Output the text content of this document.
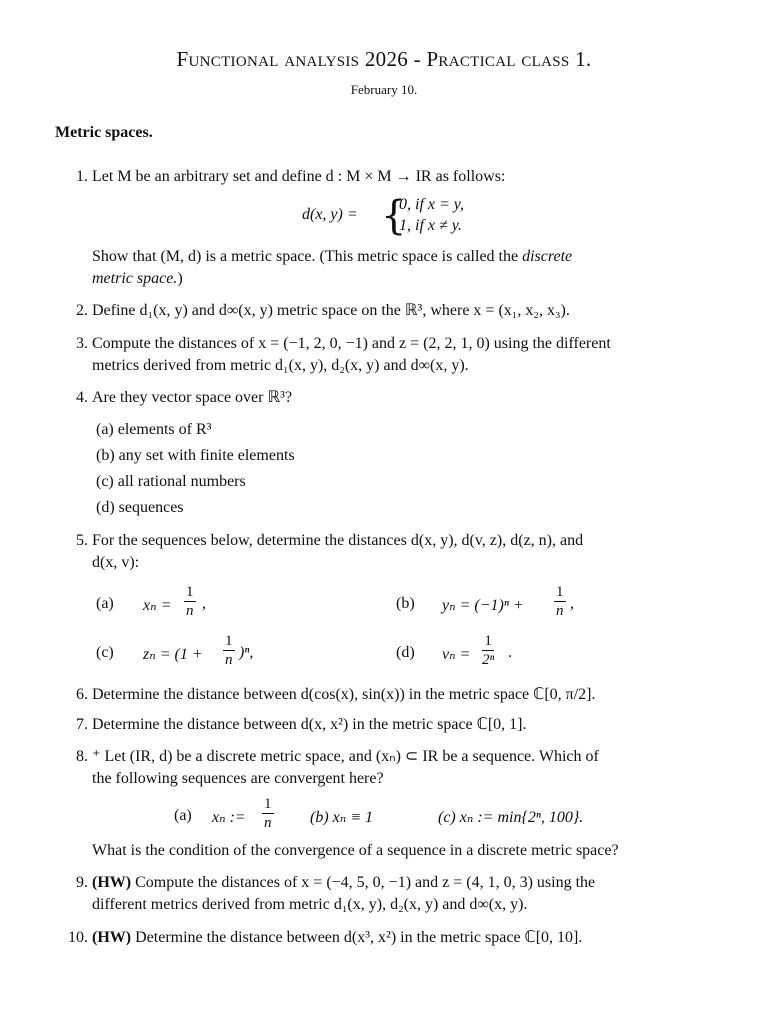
Functional analysis 2026 - Practical class 1.
February 10.
Metric spaces.
1. Let M be an arbitrary set and define d : M × M → IR as follows:
d(x, y) = {
0, if x = y,
1, if x ≠ y.
Show that (M, d) is a metric space. (This metric space is called the discrete
metric space.)
2. Define d₁(x, y) and d∞(x, y) metric space on the ℝ³, where x = (x₁, x₂, x₃).
3. Compute the distances of x = (−1, 2, 0, −1) and z = (2, 2, 1, 0) using the different
metrics derived from metric d₁(x, y), d₂(x, y) and d∞(x, y).
4. Are they vector space over ℝ³?
(a) elements of R³
(b) any set with finite elements
(c) all rational numbers
(d) sequences
5. For the sequences below, determine the distances d(x, y), d(v, z), d(z, n), and
d(x, v):
(a) $x_n = \frac{1}{n}$ ,	(b) $y_n = (-1)^n + \frac{1}{n}$ ,
(c) $z_n = (1 + \frac{1}{n} )^n$,	(d) $v_n = \frac{1}{\text{2ⁿ}}$ .
6. Determine the distance between d(cos(x), sin(x)) in the metric space ℂ[0, π/2].
7. Determine the distance between d(x, x²) in the metric space ℂ[0, 1].
8. ⁺ Let (IR, d) be a discrete metric space, and (xₙ) ⊂ IR be a sequence. Which of
the following sequences are convergent here?
(a) xₙ := $\frac{1}{n} (b) x_n \equiv 1$	(c) xₙ := min{2ⁿ, 100}.
What is the condition of the convergence of a sequence in a discrete metric space?
9. (HW) Compute the distances of x = (−4, 5, 0, −1) and z = (4, 1, 0, 3) using the
different metrics derived from metric d₁(x, y), d₂(x, y) and d∞(x, y).
10. (HW) Determine the distance between d(x³, x²) in the metric space ℂ[0, 10].
